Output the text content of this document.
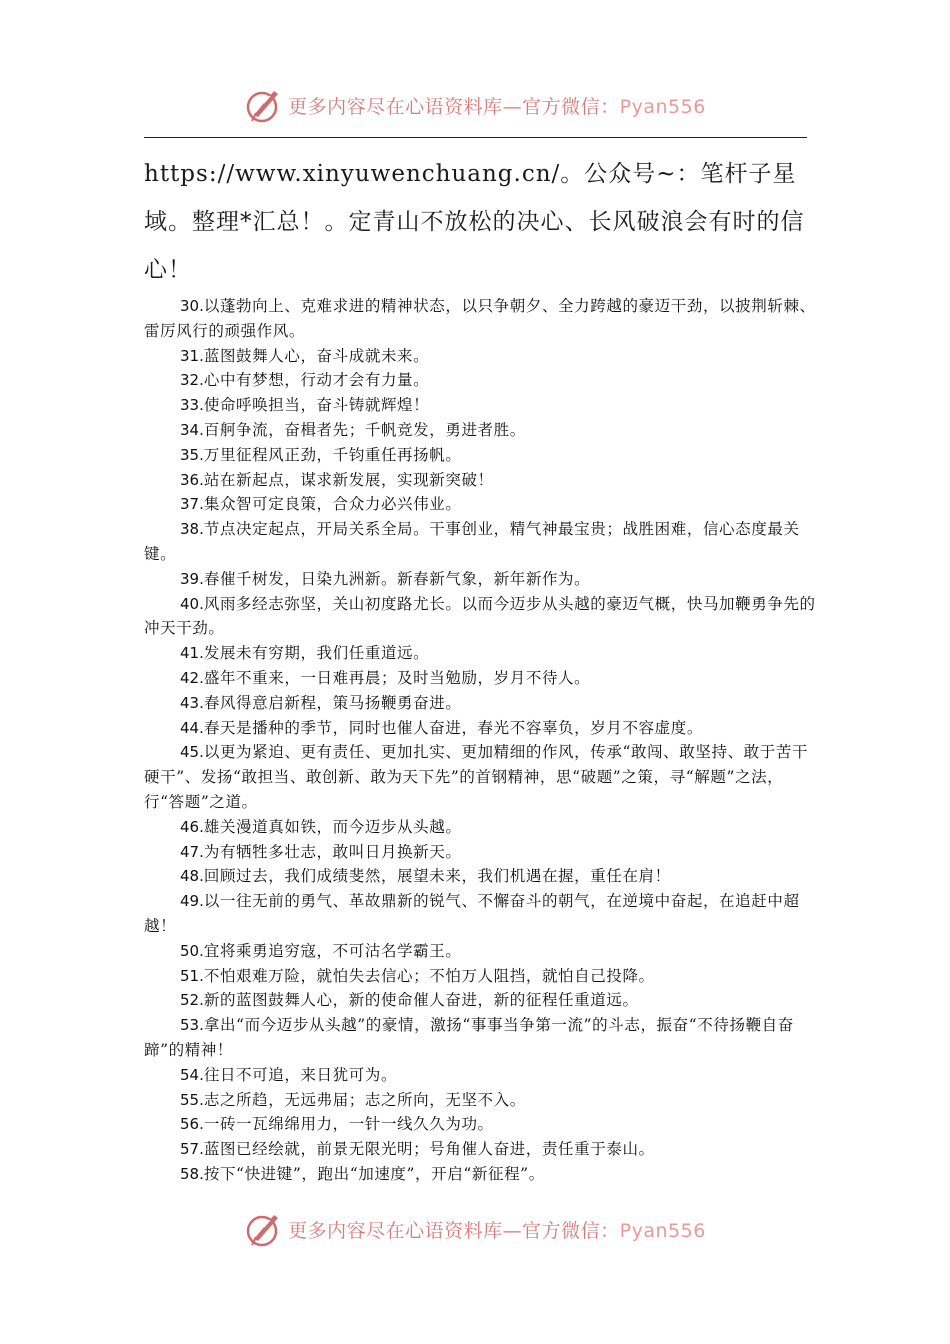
更多内容尽在心语资料库—官方微信：Pyan556
https://www.xinyuwenchuang.cn/。公众号~：笔杆子星域。整理*汇总！。定青山不放松的决心、长风破浪会有时的信心！

30.以蓬勃向上、克难求进的精神状态，以只争朝夕、全力跨越的豪迈干劲，以披荆斩棘、雷厉风行的顽强作风。

31.蓝图鼓舞人心，奋斗成就未来。

32.心中有梦想，行动才会有力量。

33.使命呼唤担当，奋斗铸就辉煌！

34.百舸争流，奋楫者先；千帆竞发，勇进者胜。

35.万里征程风正劲，千钧重任再扬帆。

36.站在新起点，谋求新发展，实现新突破！

37.集众智可定良策，合众力必兴伟业。

38.节点决定起点，开局关系全局。干事创业，精气神最宝贵；战胜困难，信心态度最关键。

39.春催千树发，日染九洲新。新春新气象，新年新作为。

40.风雨多经志弥坚，关山初度路尤长。以而今迈步从头越的豪迈气概，快马加鞭勇争先的冲天干劲。

41.发展未有穷期，我们任重道远。

42.盛年不重来，一日难再晨；及时当勉励，岁月不待人。

43.春风得意启新程，策马扬鞭勇奋进。

44.春天是播种的季节，同时也催人奋进，春光不容辜负，岁月不容虚度。

45.以更为紧迫、更有责任、更加扎实、更加精细的作风，传承“敢闯、敢坚持、敢于苦干硬干”、发扬“敢担当、敢创新、敢为天下先”的首钢精神，思“破题”之策，寻“解题”之法，行“答题”之道。

46.雄关漫道真如铁，而今迈步从头越。

47.为有牺牲多壮志，敢叫日月换新天。

48.回顾过去，我们成绩斐然，展望未来，我们机遇在握，重任在肩！

49.以一往无前的勇气、革故鼎新的锐气、不懈奋斗的朝气，在逆境中奋起，在追赶中超越！

50.宜将乘勇追穷寇，不可沽名学霸王。

51.不怕艰难万险，就怕失去信心；不怕万人阻挡，就怕自己投降。

52.新的蓝图鼓舞人心，新的使命催人奋进，新的征程任重道远。

53.拿出“而今迈步从头越”的豪情，激扬“事事当争第一流”的斗志，振奋“不待扬鞭自奋蹄”的精神！

54.往日不可追，来日犹可为。

55.志之所趋，无远弗届；志之所向，无坚不入。

56.一砖一瓦绵绵用力，一针一线久久为功。

57.蓝图已经绘就，前景无限光明；号角催人奋进，责任重于泰山。

58.按下“快进键”，跑出“加速度”，开启“新征程”。

更多内容尽在心语资料库—官方微信：Pyan556
